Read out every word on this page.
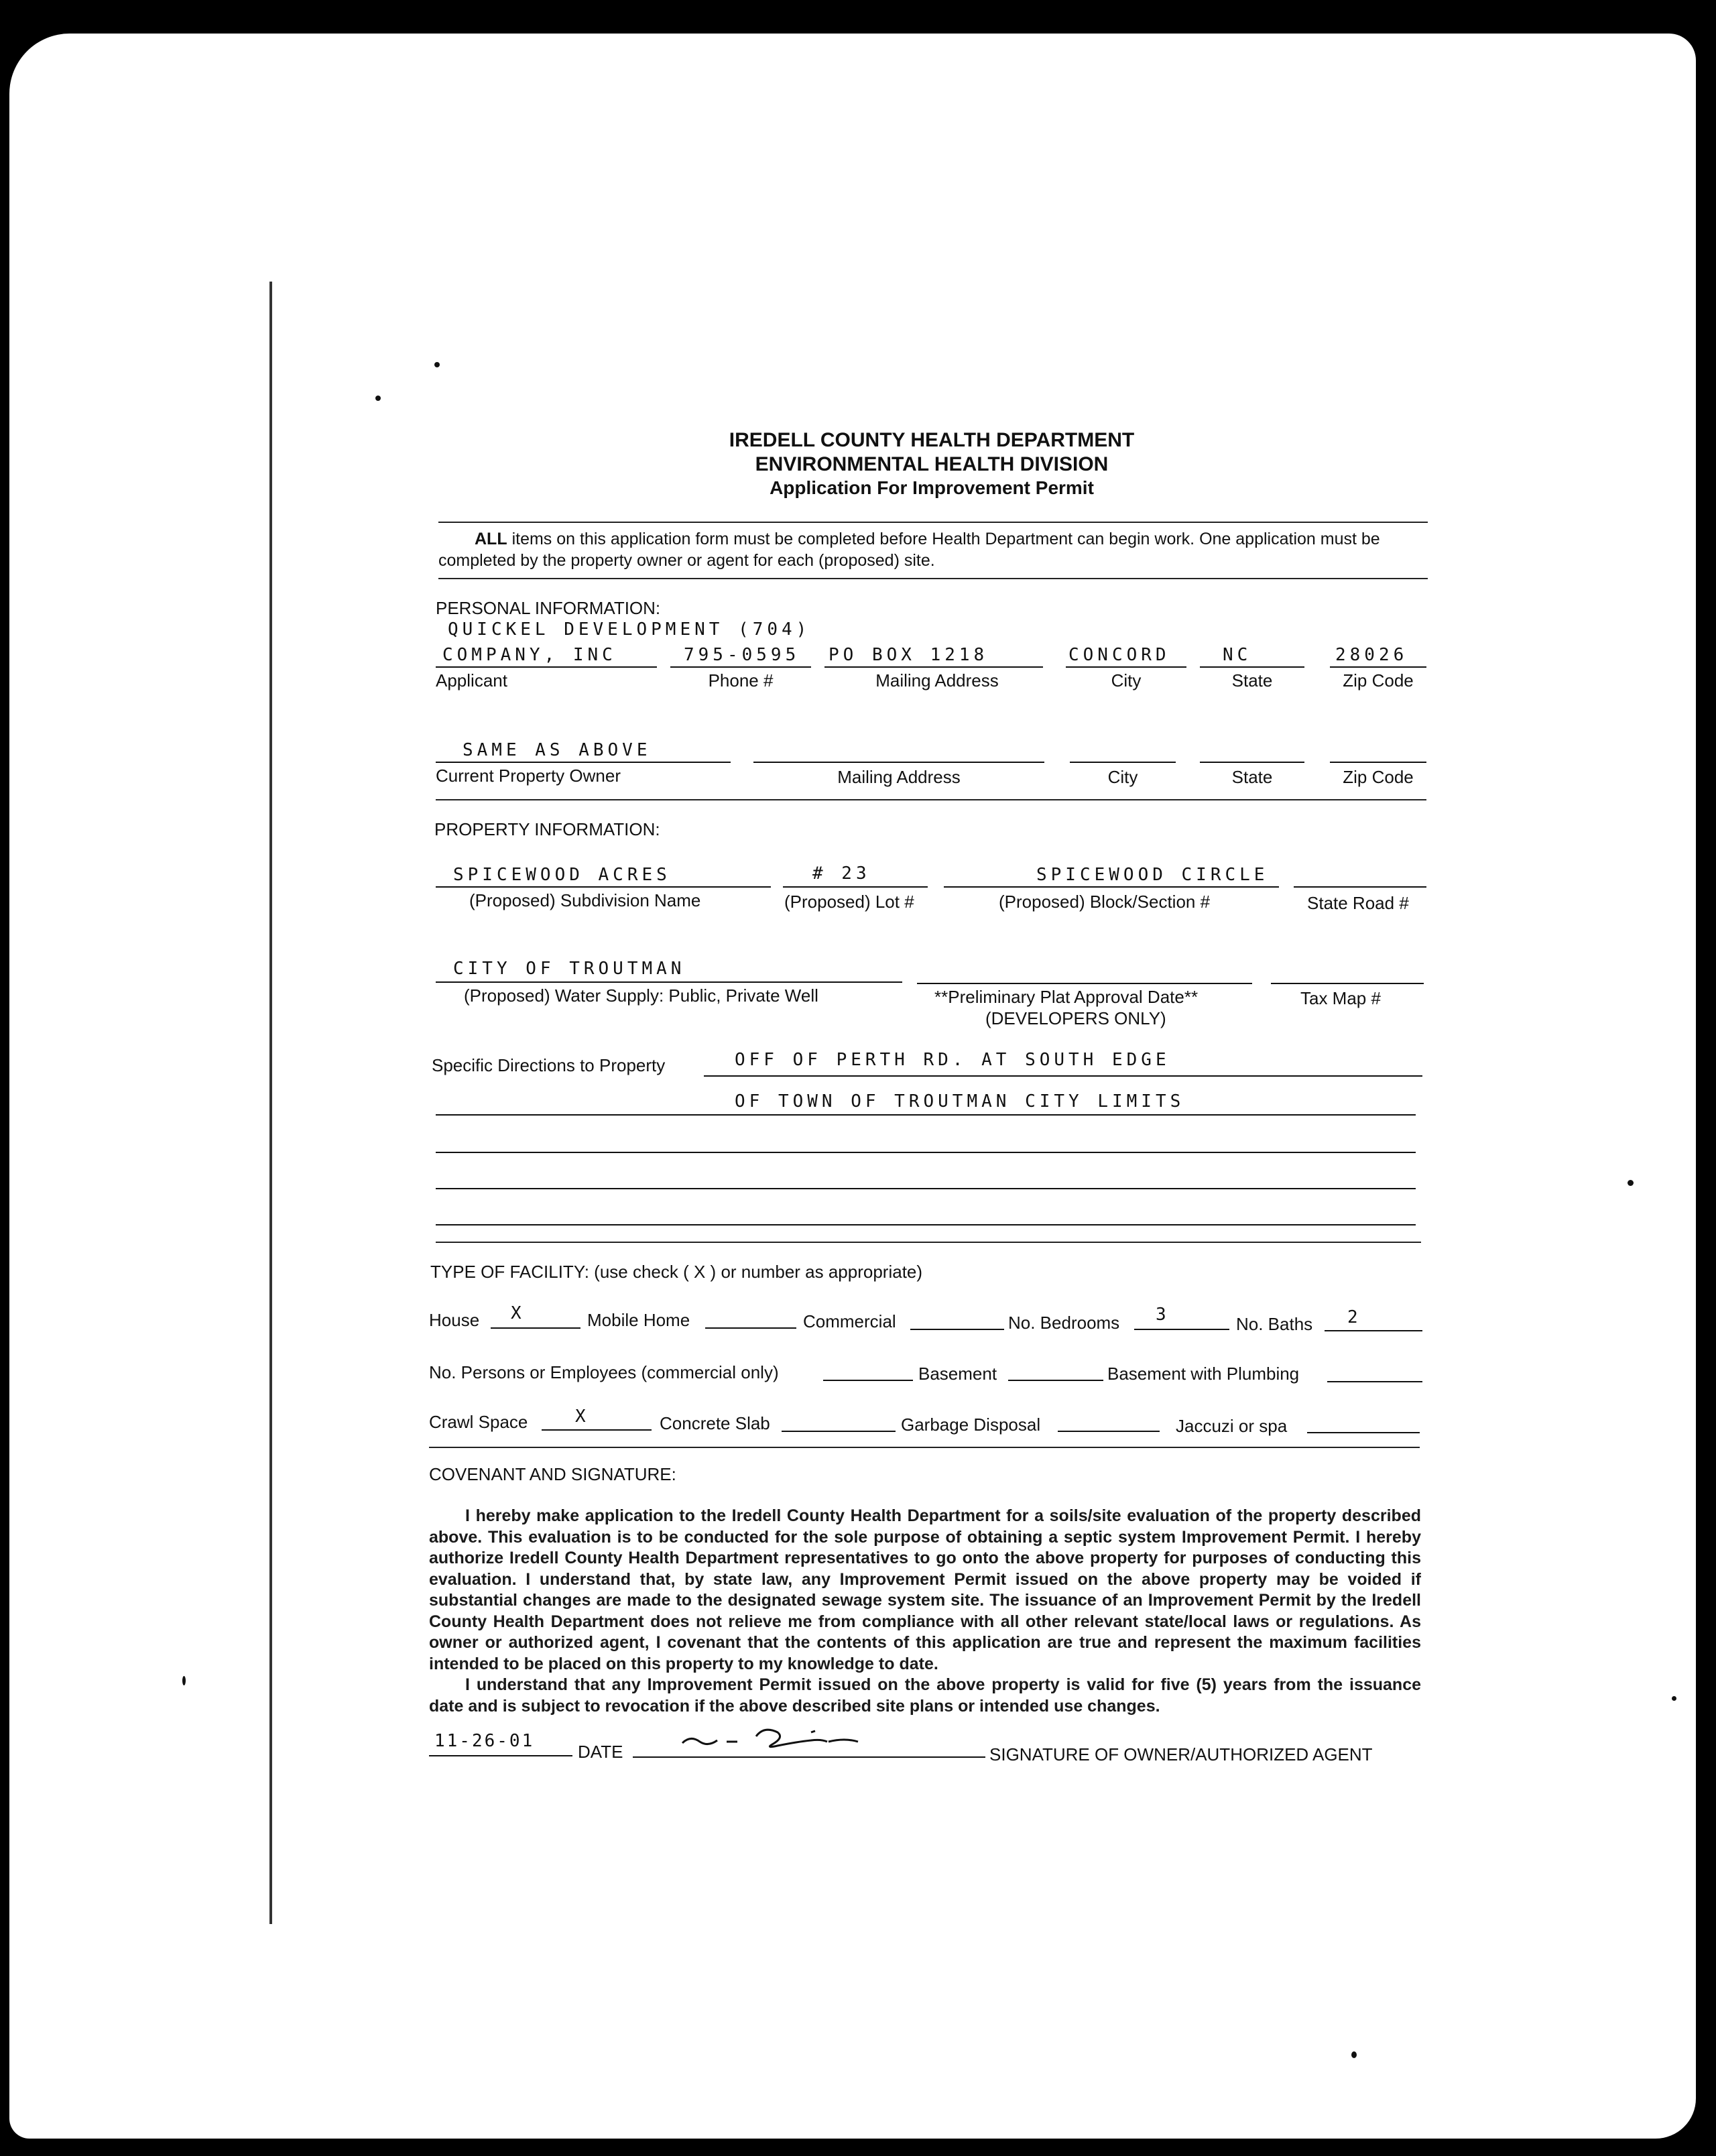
IREDELL COUNTY HEALTH DEPARTMENT
ENVIRONMENTAL HEALTH DIVISION
Application For Improvement Permit
ALL items on this application form must be completed before Health Department can begin work. One application must be completed by the property owner or agent for each (proposed) site.
PERSONAL INFORMATION:
QUICKEL DEVELOPMENT (704)
COMPANY, INC	795-0595 PO BOX 1218	CONCORD	NC	28026
Applicant	Phone #	Mailing Address	City	State	Zip Code
SAME AS ABOVE
Current Property Owner	Mailing Address	City	State	Zip Code
PROPERTY INFORMATION:
SPICEWOOD ACRES	# 23	SPICEWOOD CIRCLE
(Proposed) Subdivision Name	(Proposed) Lot #	(Proposed) Block/Section #	State Road #
CITY OF TROUTMAN
(Proposed) Water Supply: Public, Private Well	**Preliminary Plat Approval Date**
(DEVELOPERS ONLY)
Tax Map #
Specific Directions to Property	OFF OF PERTH RD. AT SOUTH EDGE
OF TOWN OF TROUTMAN CITY LIMITS
TYPE OF FACILITY: (use check ( X ) or number as appropriate)
House X	Mobile Home	Commercial	No. Bedrooms 3	No. Baths 2
No. Persons or Employees (commercial only)	Basement	Basement with Plumbing
Crawl Space	X	Concrete Slab	Garbage Disposal	Jaccuzi or spa
COVENANT AND SIGNATURE:

I hereby make application to the Iredell County Health Department for a soils/site evaluation of the property described above. This evaluation is to be conducted for the sole purpose of obtaining a septic system Improvement Permit. I hereby authorize Iredell County Health Department representatives to go onto the above property for purposes of conducting this evaluation. I understand that, by state law, any Improvement Permit issued on the above property may be voided if substantial changes are made to the designated sewage system site. The issuance of an Improvement Permit by the Iredell County Health Department does not relieve me from compliance with all other relevant state/local laws or regulations. As owner or authorized agent, I covenant that the contents of this application are true and represent the maximum facilities intended to be placed on this property to my knowledge to date.

I understand that any Improvement Permit issued on the above property is valid for five (5) years from the issuance date and is subject to revocation if the above described site plans or intended use changes.

11-26-01
DATE	SIGNATURE OF OWNER/AUTHORIZED AGENT
